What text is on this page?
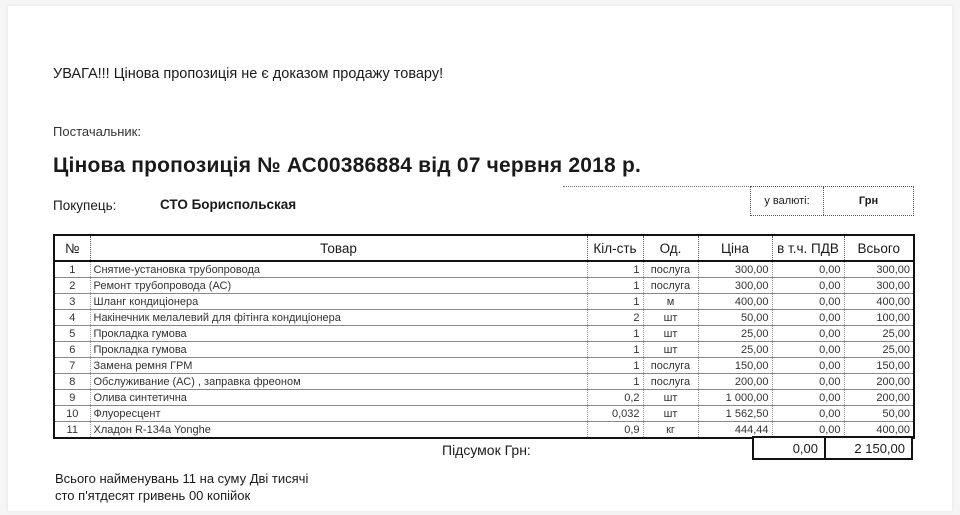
УВАГА!!! Цінова пропозиція не є доказом продажу товару!
Постачальник:
Цінова пропозиція № АС00386884 від 07 червня 2018 р.
Покупець:	СТО Бориспольская	у валюті:	Грн
№	Товар	Кіл-сть	Од.	Ціна	в т.ч. ПДВ	Всього
1	Снятие-установка трубопровода	1	послуга	300,00	0,00	300,00
2	Ремонт трубопровода (АС)	1	послуга	300,00	0,00	300,00
3	Шланг кондиціонера	1	м	400,00	0,00	400,00
4	Накінечник мелалевий для фітінга кондиціонера	2	шт	50,00	0,00	100,00
5	Прокладка гумова	1	шт	25,00	0,00	25,00
6	Прокладка гумова	1	шт	25,00	0,00	25,00
7	Замена ремня ГРМ	1	послуга	150,00	0,00	150,00
8	Обслуживание (АС) , заправка фреоном	1	послуга	200,00	0,00	200,00
9	Олива синтетична	0,2	шт	1 000,00	0,00	200,00
10	Флуоресцент	0,032	шт	1 562,50	0,00	50,00
11	Хладон R-134a Yonghe	0,9	кг	444,44	0,00	400,00
Підсумок Грн:	0,00	2 150,00
Всього найменувань 11 на суму Дві тисячі сто п'ятдесят гривень 00 копійок
